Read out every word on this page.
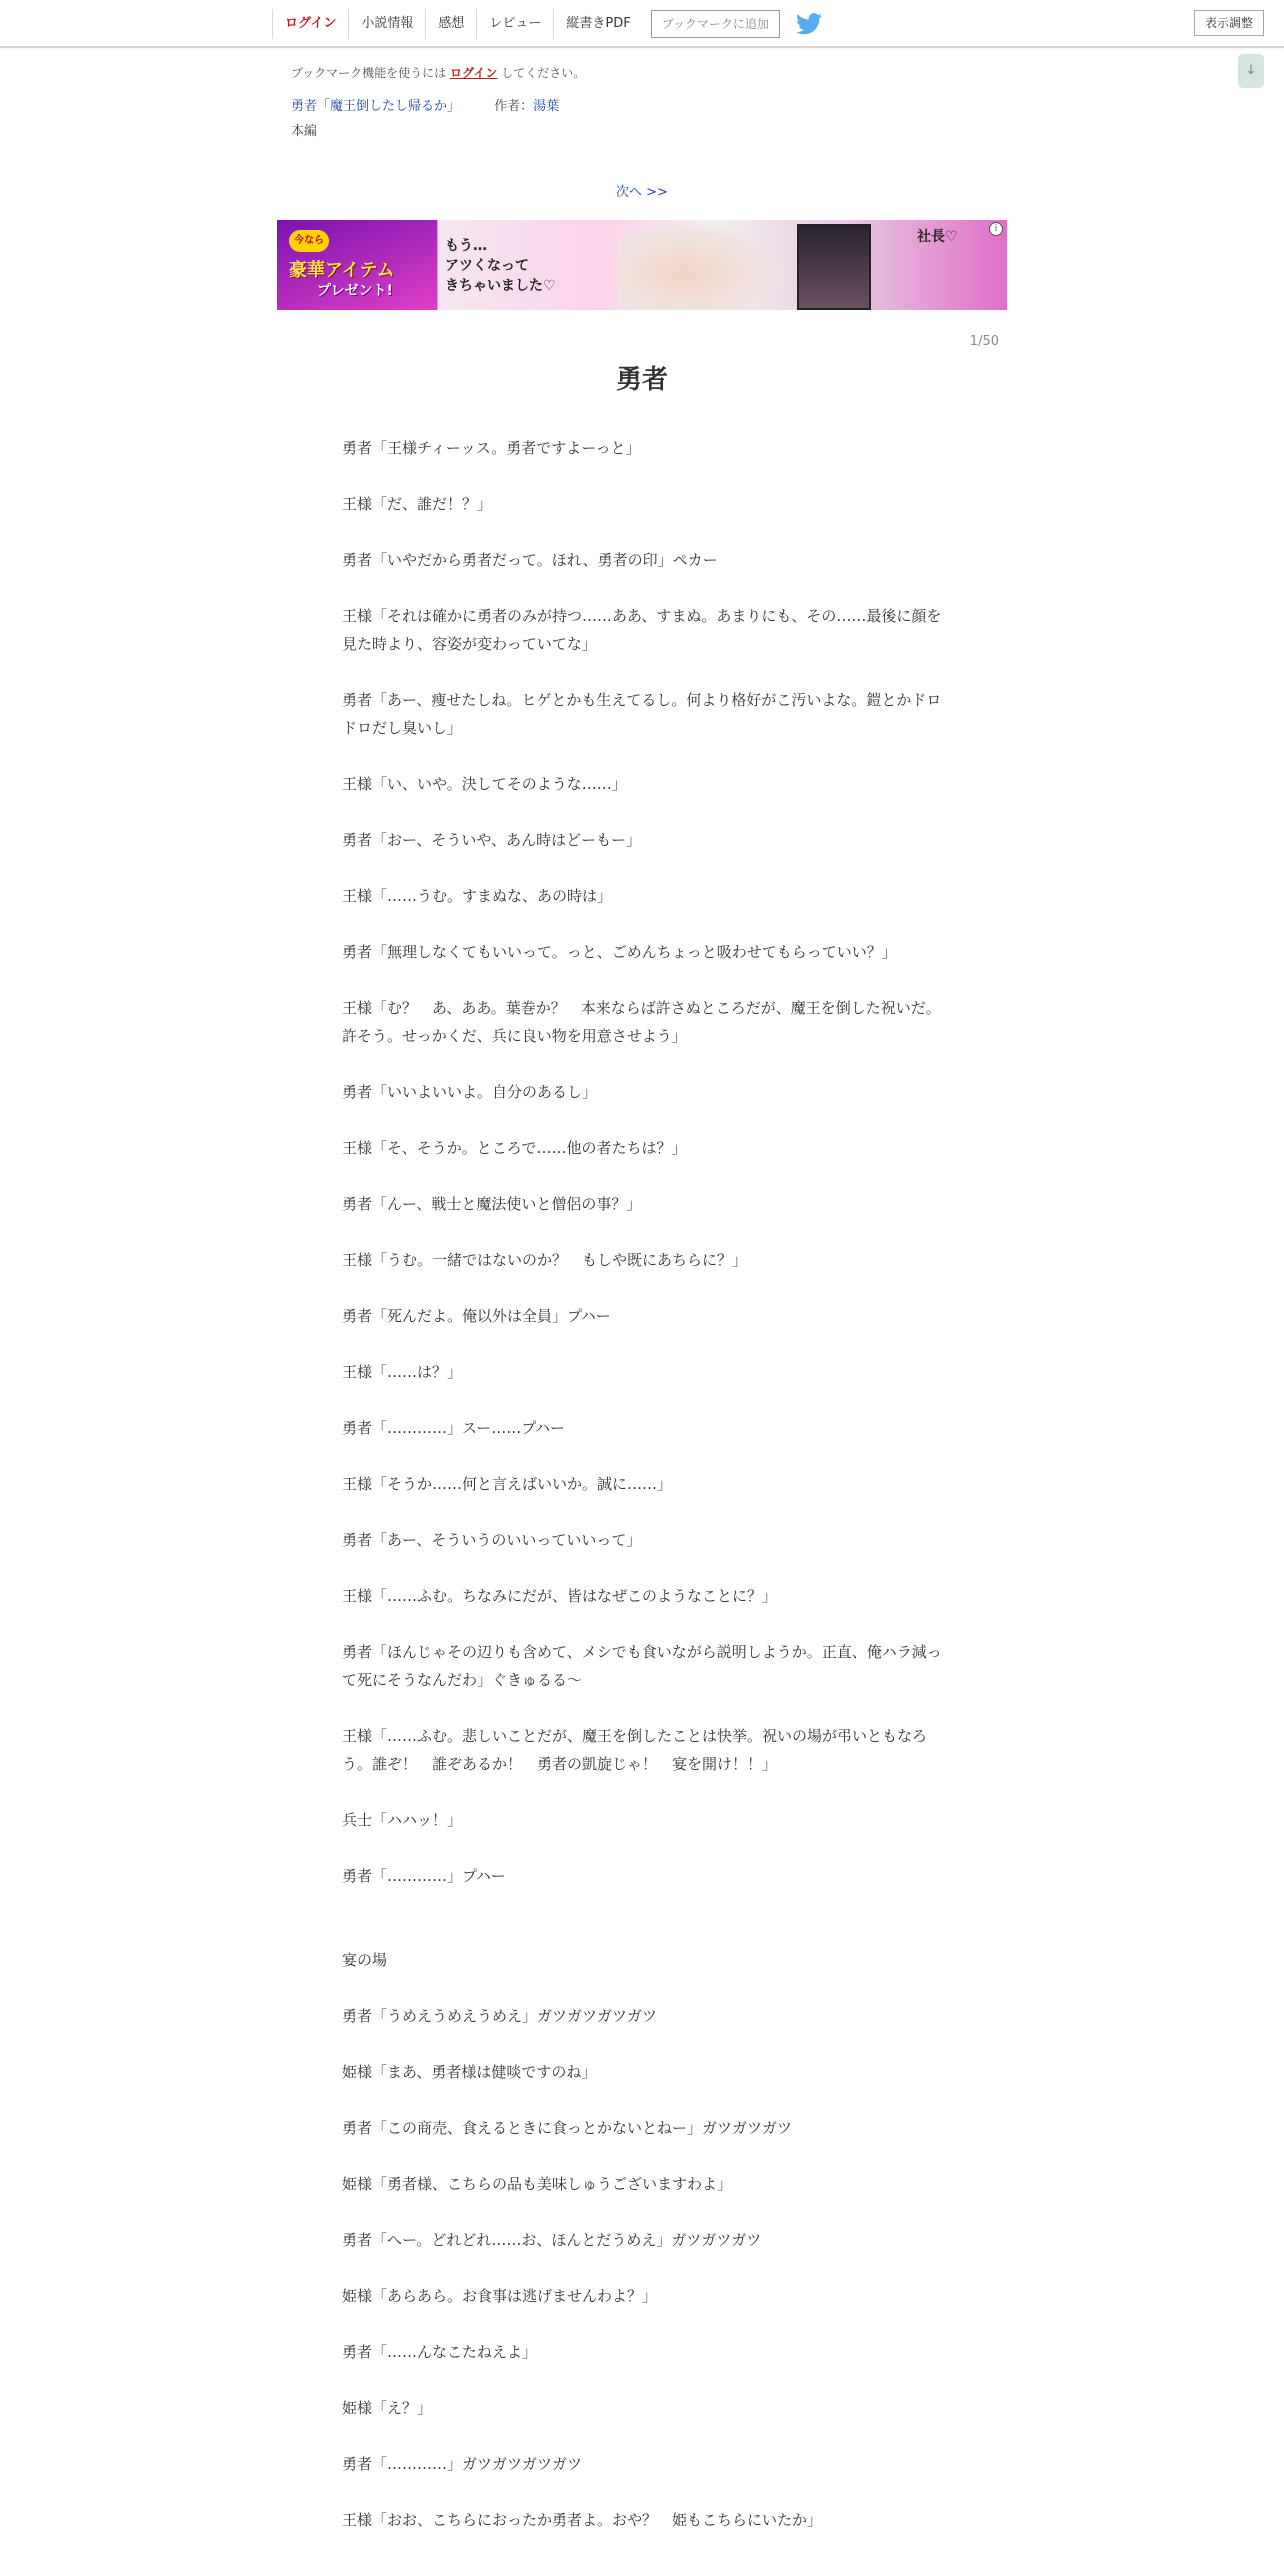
ログイン	小説情報	感想	レビュー	縦書きPDF	ブックマークに追加	表示調整
↓
ブックマーク機能を使うには ログイン してください。
勇者「魔王倒したし帰るか」	作者：湯葉
本編
次へ >>
今なら
豪華アイテム
プレゼント!
もう…
アツくなって
きちゃいました♡
社長♡	i
1/50
勇者

勇者「王様チィーッス。勇者ですよーっと」

王様「だ、誰だ！？」

勇者「いやだから勇者だって。ほれ、勇者の印」ペカー

王様「それは確かに勇者のみが持つ……ああ、すまぬ。あまりにも、その……最後に顔を見た時より、容姿が変わっていてな」

勇者「あー、痩せたしね。ヒゲとかも生えてるし。何より格好がこ汚いよな。鎧とかドロドロだし臭いし」

王様「い、いや。決してそのような……」

勇者「おー、そういや、あん時はどーもー」

王様「……うむ。すまぬな、あの時は」

勇者「無理しなくてもいいって。っと、ごめんちょっと吸わせてもらっていい？」

王様「む？　あ、ああ。葉巻か？　本来ならば許さぬところだが、魔王を倒した祝いだ。許そう。せっかくだ、兵に良い物を用意させよう」

勇者「いいよいいよ。自分のあるし」

王様「そ、そうか。ところで……他の者たちは？」

勇者「んー、戦士と魔法使いと僧侶の事？」

王様「うむ。一緒ではないのか？　もしや既にあちらに？」

勇者「死んだよ。俺以外は全員」プハー

王様「……は？」

勇者「…………」スー……プハー

王様「そうか……何と言えばいいか。誠に……」

勇者「あー、そういうのいいっていいって」

王様「……ふむ。ちなみにだが、皆はなぜこのようなことに？」

勇者「ほんじゃその辺りも含めて、メシでも食いながら説明しようか。正直、俺ハラ減って死にそうなんだわ」ぐきゅるる～

王様「……ふむ。悲しいことだが、魔王を倒したことは快挙。祝いの場が弔いともなろう。誰ぞ！　誰ぞあるか！　勇者の凱旋じゃ！　宴を開け！！」

兵士「ハハッ！」

勇者「…………」プハー

宴の場

勇者「うめえうめえうめえ」ガツガツガツガツ

姫様「まあ、勇者様は健啖ですのね」

勇者「この商売、食えるときに食っとかないとねー」ガツガツガツ

姫様「勇者様、こちらの品も美味しゅうございますわよ」

勇者「へー。どれどれ……お、ほんとだうめえ」ガツガツガツ

姫様「あらあら。お食事は逃げませんわよ？」

勇者「……んなこたねえよ」

姫様「え？」

勇者「…………」ガツガツガツガツ

王様「おお、こちらにおったか勇者よ。おや？　姫もこちらにいたか」
